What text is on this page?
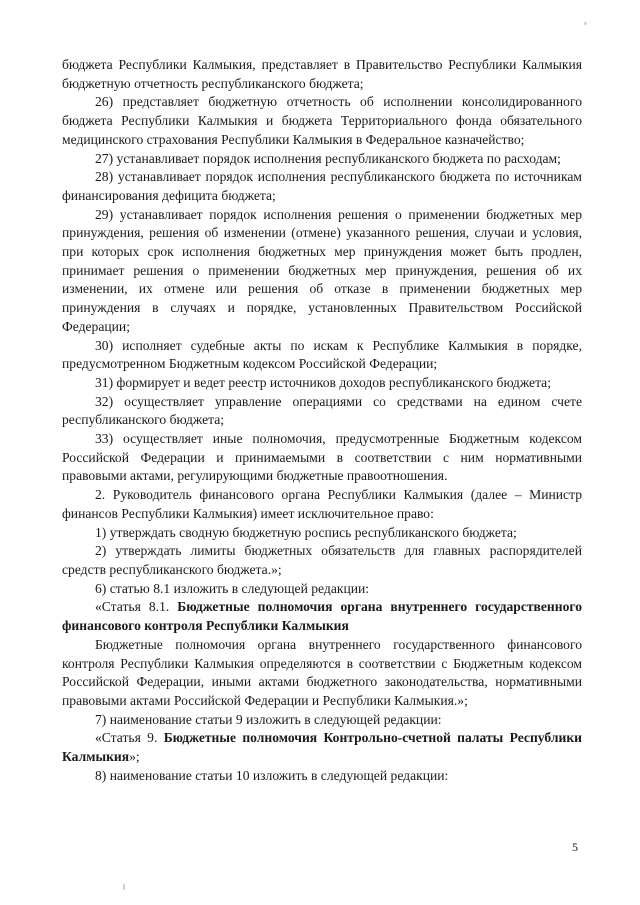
бюджета Республики Калмыкия, представляет в Правительство Республики Калмыкия бюджетную отчетность республиканского бюджета;

26) представляет бюджетную отчетность об исполнении консолидированного бюджета Республики Калмыкия и бюджета Территориального фонда обязательного медицинского страхования Республики Калмыкия в Федеральное казначейство;

27) устанавливает порядок исполнения республиканского бюджета по расходам;

28) устанавливает порядок исполнения республиканского бюджета по источникам финансирования дефицита бюджета;

29) устанавливает порядок исполнения решения о применении бюджетных мер принуждения, решения об изменении (отмене) указанного решения, случаи и условия, при которых срок исполнения бюджетных мер принуждения может быть продлен, принимает решения о применении бюджетных мер принуждения, решения об их изменении, их отмене или решения об отказе в применении бюджетных мер принуждения в случаях и порядке, установленных Правительством Российской Федерации;

30) исполняет судебные акты по искам к Республике Калмыкия в порядке, предусмотренном Бюджетным кодексом Российской Федерации;

31) формирует и ведет реестр источников доходов республиканского бюджета;

32) осуществляет управление операциями со средствами на едином счете республиканского бюджета;

33) осуществляет иные полномочия, предусмотренные Бюджетным кодексом Российской Федерации и принимаемыми в соответствии с ним нормативными правовыми актами, регулирующими бюджетные правоотношения.

2. Руководитель финансового органа Республики Калмыкия (далее – Министр финансов Республики Калмыкия) имеет исключительное право:

1) утверждать сводную бюджетную роспись республиканского бюджета;

2) утверждать лимиты бюджетных обязательств для главных распорядителей средств республиканского бюджета.»;

6) статью 8.1 изложить в следующей редакции:

«Статья 8.1. Бюджетные полномочия органа внутреннего государственного финансового контроля Республики Калмыкия

Бюджетные полномочия органа внутреннего государственного финансового контроля Республики Калмыкия определяются в соответствии с Бюджетным кодексом Российской Федерации, иными актами бюджетного законодательства, нормативными правовыми актами Российской Федерации и Республики Калмыкия.»;

7) наименование статьи 9 изложить в следующей редакции:

«Статья 9. Бюджетные полномочия Контрольно-счетной палаты Республики Калмыкия»;

8) наименование статьи 10 изложить в следующей редакции:

5
